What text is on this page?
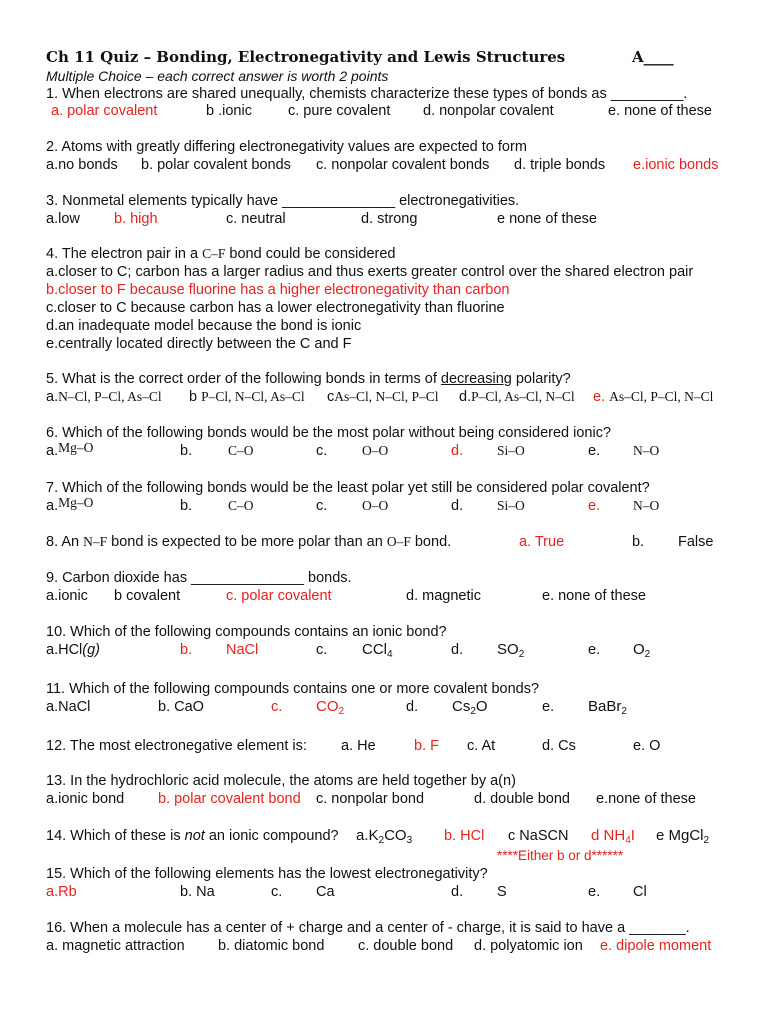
Ch 11 Quiz – Bonding, Electronegativity and Lewis Structures	A____
Multiple Choice – each correct answer is worth 2 points
1. When electrons are shared unequally, chemists characterize these types of bonds as _________.
a. polar covalent	b .ionic c. pure covalent d. nonpolar covalent	e. none of these
2. Atoms with greatly differing electronegativity values are expected to form
a.no bonds b. polar covalent bonds c. nonpolar covalent bonds d. triple bonds e.ionic bonds
3. Nonmetal elements typically have ______________ electronegativities.
a.low b. high	c. neutral	d. strong	e none of these
4. The electron pair in a C–F bond could be considered
a.closer to C; carbon has a larger radius and thus exerts greater control over the shared electron pair
b.closer to F because fluorine has a higher electronegativity than carbon
c.closer to C because carbon has a lower electronegativity than fluorine
d.an inadequate model because the bond is ionic
e.centrally located directly between the C and F
5. What is the correct order of the following bonds in terms of decreasing polarity?
a.N–Cl, P–Cl, As–Cl b P–Cl, N–Cl, As–Cl cAs–Cl, N–Cl, P–Cl d.P–Cl, As–Cl, N–Cl e. As–Cl, P–Cl, N–Cl
6. Which of the following bonds would be the most polar without being considered ionic?
a.Mg–O	b.	C–O	c.	O–O	d.	Si–O	e. N–O
7. Which of the following bonds would be the least polar yet still be considered polar covalent?
a.Mg–O	b.	C–O	c.	O–O	d.	Si–O	e. N–O
8. An N–F bond is expected to be more polar than an O–F bond.	a. True	b. False
9. Carbon dioxide has ______________ bonds.
a.ionic b covalent	c. polar covalent	d. magnetic	e. none of these
10. Which of the following compounds contains an ionic bond?
a.HCl(g)	b. NaCl	c. CCl$_4$	d. $SO_2$	e. $O_2$
11. Which of the following compounds contains one or more covalent bonds?
a.NaCl	b. CaO	c. $CO_2$	d. $Cs_2O$	e. BaBr$_2$
12. The most electronegative element is: a. He	b. F c. At	d. Cs	e. O
13. In the hydrochloric acid molecule, the atoms are held together by a(n)
a.ionic bond b. polar covalent bond c. nonpolar bond	d. double bond e.none of these
14. Which of these is not an ionic compound? $a.K_2CO_3$ b. HCl c NaSCN d $NH_4I$ e MgCl$_2$
****Either b or d******
15. Which of the following elements has the lowest electronegativity?
a.Rb	b. Na	c. Ca	d. S	e. Cl
16. When a molecule has a center of + charge and a center of - charge, it is said to have a _______.
a. magnetic attraction b. diatomic bond c. double bond d. polyatomic ion e. dipole moment
